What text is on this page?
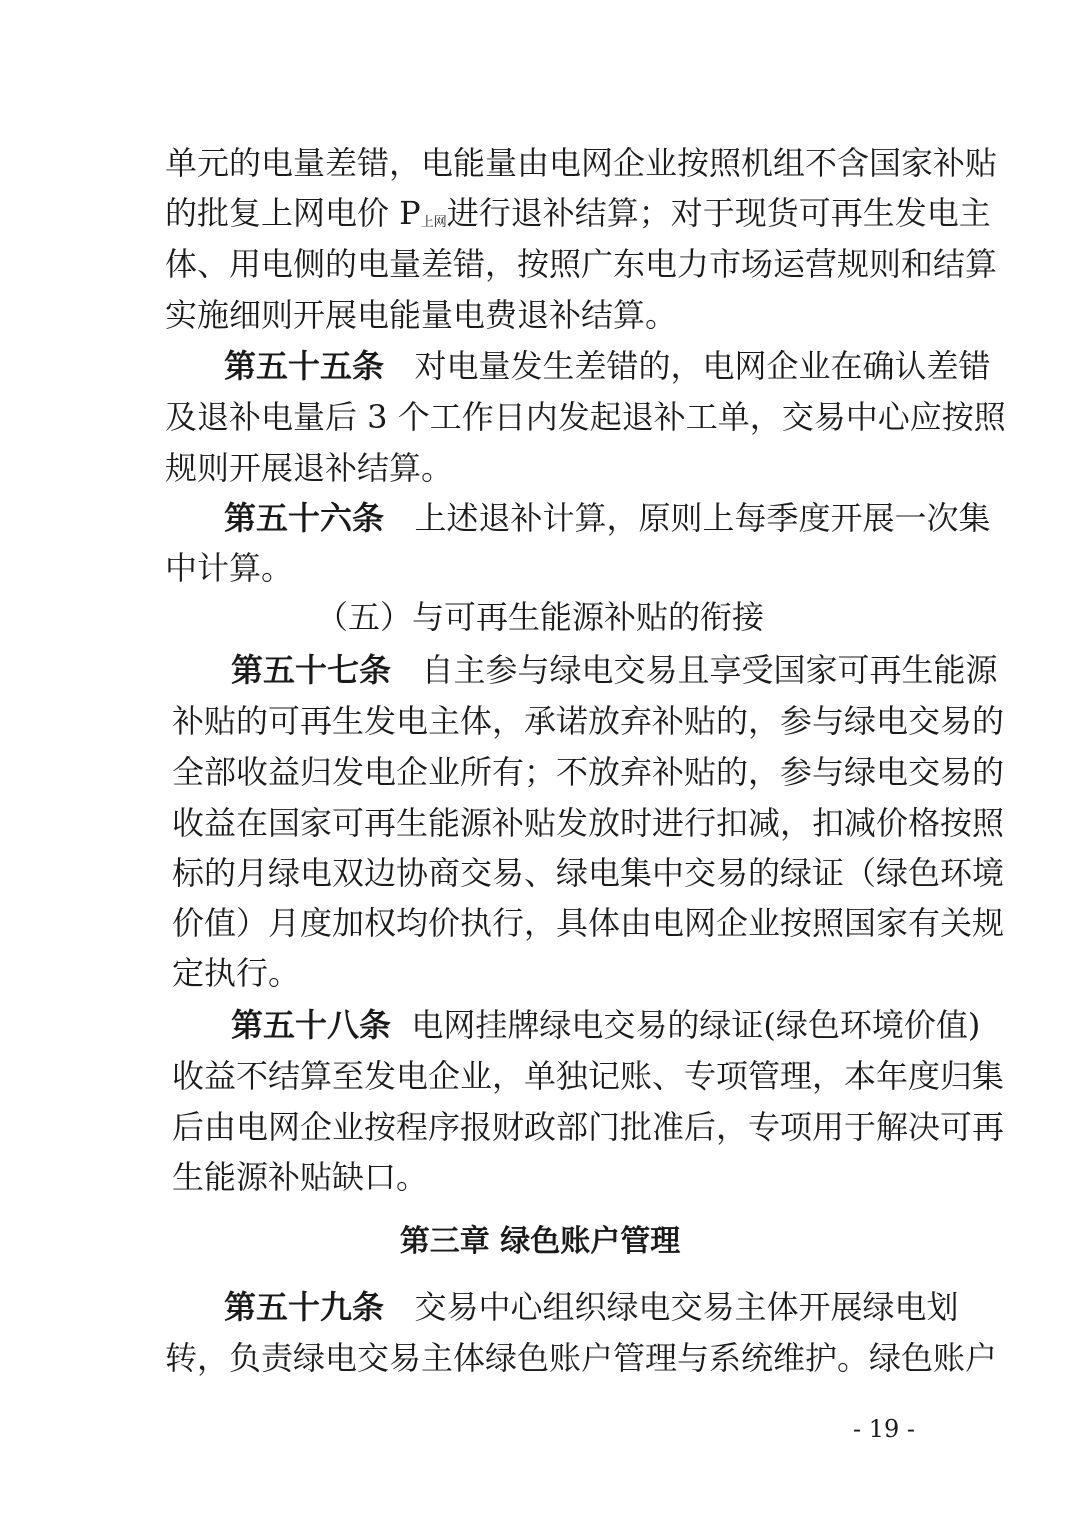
单元的电量差错，电能量由电网企业按照机组不含国家补贴
的批复上网电价 P上网进行退补结算；对于现货可再生发电主
体、用电侧的电量差错，按照广东电力市场运营规则和结算
实施细则开展电能量电费退补结算。
第五十五条 对电量发生差错的，电网企业在确认差错
及退补电量后 3 个工作日内发起退补工单，交易中心应按照
规则开展退补结算。
第五十六条 上述退补计算，原则上每季度开展一次集
中计算。
（五）与可再生能源补贴的衔接
第五十七条 自主参与绿电交易且享受国家可再生能源
补贴的可再生发电主体，承诺放弃补贴的，参与绿电交易的
全部收益归发电企业所有；不放弃补贴的，参与绿电交易的
收益在国家可再生能源补贴发放时进行扣减，扣减价格按照
标的月绿电双边协商交易、绿电集中交易的绿证（绿色环境
价值）月度加权均价执行，具体由电网企业按照国家有关规
定执行。
第五十八条 电网挂牌绿电交易的绿证(绿色环境价值)
收益不结算至发电企业，单独记账、专项管理，本年度归集
后由电网企业按程序报财政部门批准后，专项用于解决可再
生能源补贴缺口。
第三章 绿色账户管理
第五十九条 交易中心组织绿电交易主体开展绿电划
转，负责绿电交易主体绿色账户管理与系统维护。绿色账户
- 19 -
